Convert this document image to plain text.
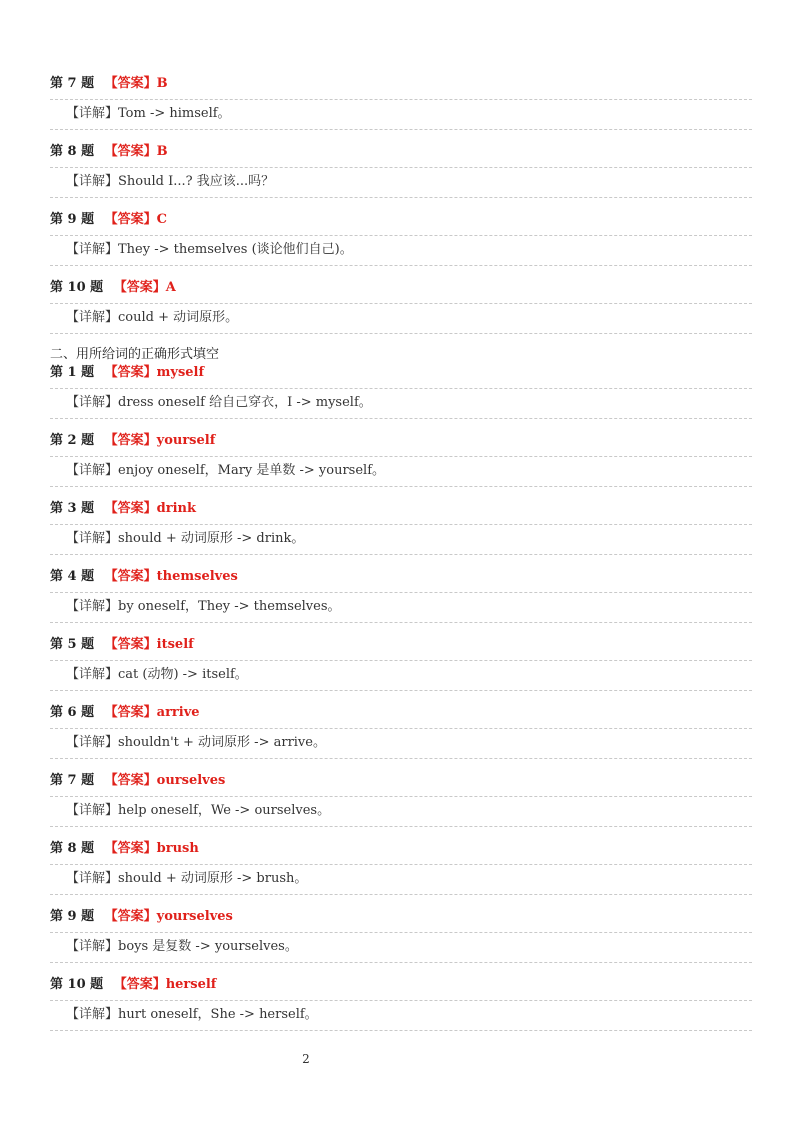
第 7 题 【答案】B
【详解】Tom -> himself。
第 8 题 【答案】B
【详解】Should I...? 我应该...吗？
第 9 题 【答案】C
【详解】They -> themselves (谈论他们自己)。
第 10 题 【答案】A
【详解】could + 动词原形。
二、用所给词的正确形式填空
第 1 题 【答案】myself
【详解】dress oneself 给自己穿衣，I -> myself。
第 2 题 【答案】yourself
【详解】enjoy oneself，Mary 是单数 -> yourself。
第 3 题 【答案】drink
【详解】should + 动词原形 -> drink。
第 4 题 【答案】themselves
【详解】by oneself，They -> themselves。
第 5 题 【答案】itself
【详解】cat (动物) -> itself。
第 6 题 【答案】arrive
【详解】shouldn't + 动词原形 -> arrive。
第 7 题 【答案】ourselves
【详解】help oneself，We -> ourselves。
第 8 题 【答案】brush
【详解】should + 动词原形 -> brush。
第 9 题 【答案】yourselves
【详解】boys 是复数 -> yourselves。
第 10 题 【答案】herself
【详解】hurt oneself，She -> herself。
2
